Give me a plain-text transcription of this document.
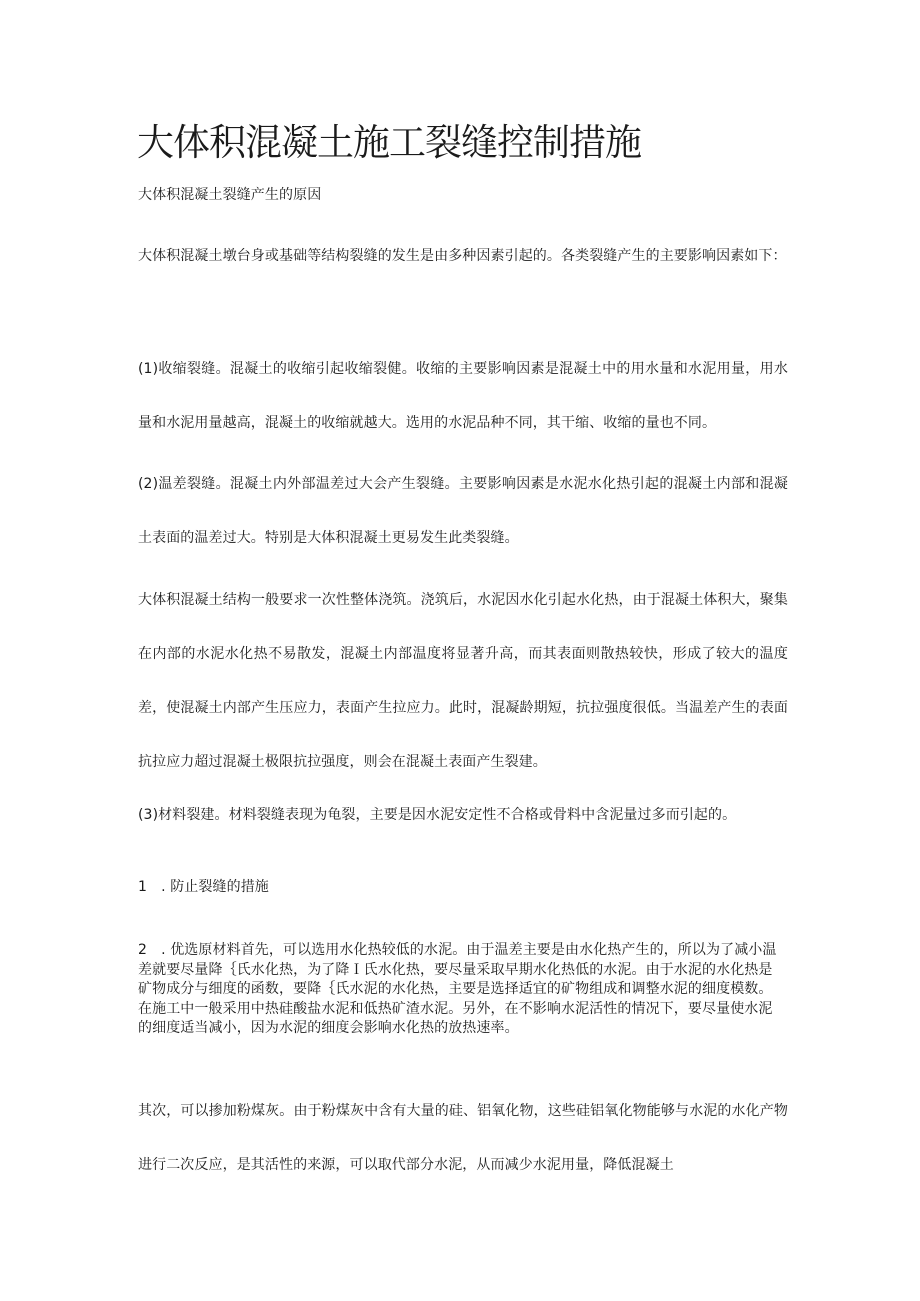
大体积混凝土施工裂缝控制措施

大体积混凝土裂缝产生的原因

大体积混凝土墩台身或基础等结构裂缝的发生是由多种因素引起的。各类裂缝产生的主要影响因素如下：

(1)收缩裂缝。混凝土的收缩引起收缩裂健。收缩的主要影响因素是混凝土中的用水量和水泥用量，用水量和水泥用量越高，混凝土的收缩就越大。选用的水泥品种不同，其干缩、收缩的量也不同。

(2)温差裂缝。混凝土内外部温差过大会产生裂缝。主要影响因素是水泥水化热引起的混凝土内部和混凝土表面的温差过大。特别是大体积混凝土更易发生此类裂缝。

大体积混凝土结构一般要求一次性整体浇筑。浇筑后，水泥因水化引起水化热，由于混凝土体积大，聚集在内部的水泥水化热不易散发，混凝土内部温度将显著升高，而其表面则散热较快，形成了较大的温度差，使混凝土内部产生压应力，表面产生拉应力。此时，混凝龄期短，抗拉强度很低。当温差产生的表面抗拉应力超过混凝土极限抗拉强度，则会在混凝土表面产生裂建。

(3)材料裂建。材料裂缝表现为龟裂，主要是因水泥安定性不合格或骨料中含泥量过多而引起的。

1　. 防止裂缝的措施

2　. 优选原材料首先，可以选用水化热较低的水泥。由于温差主要是由水化热产生的，所以为了减小温差就要尽量降｛氏水化热，为了降Ｉ氏水化热，要尽量采取早期水化热低的水泥。由于水泥的水化热是矿物成分与细度的函数，要降｛氏水泥的水化热，主要是选择适宜的矿物组成和调整水泥的细度模数。在施工中一般采用中热硅酸盐水泥和低热矿渣水泥。另外，在不影响水泥活性的情况下，要尽量使水泥的细度适当减小，因为水泥的细度会影响水化热的放热速率。

其次，可以掺加粉煤灰。由于粉煤灰中含有大量的硅、铝氧化物，这些硅铝氧化物能够与水泥的水化产物进行二次反应，是其活性的来源，可以取代部分水泥，从而减少水泥用量，降低混凝土
